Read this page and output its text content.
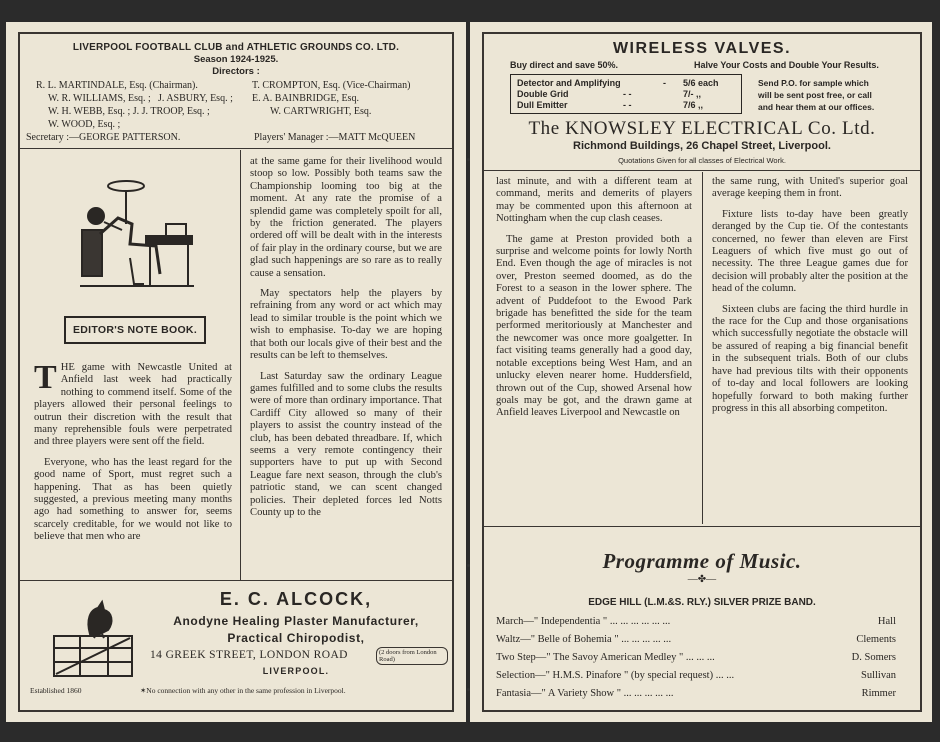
LIVERPOOL FOOTBALL CLUB and ATHLETIC GROUNDS CO. LTD.
Season 1924-1925.
Directors :
R. L. MARTINDALE, Esq. (Chairman).	T. CROMPTON, Esq. (Vice-Chairman)
W. R. WILLIAMS, Esq. ; J. ASBURY, Esq. ; E. A. BAINBRIDGE, Esq.
W. H. WEBB, Esq. ; J. J. TROOP, Esq. ;	W. CARTWRIGHT, Esq.
W. WOOD, Esq. ;
Secretary :—GEORGE PATTERSON.	Players' Manager :—MATT McQUEEN
EDITOR'S NOTE BOOK.

THE game with Newcastle United at Anfield last week had practically nothing to commend itself. Some of the players allowed their personal feelings to outrun their discretion with the result that many reprehensible fouls were perpetrated and three players were sent off the field.

Everyone, who has the least regard for the good name of Sport, must regret such a happening. That as has been quietly suggested, a previous meeting many months ago had something to answer for, seems scarcely creditable, for we would not like to believe that men who are

at the same game for their livelihood would stoop so low. Possibly both teams saw the Championship looming too big at the moment. At any rate the promise of a splendid game was completely spoilt for all, by the friction generated. The players ordered off will be dealt with in the interests of fair play in the ordinary course, but we are glad such happenings are so rare as to really cause a sensation.

May spectators help the players by refraining from any word or act which may lead to similar trouble is the point which we wish to emphasise. To-day we are hoping that both our locals give of their best and the results can be left to themselves.

Last Saturday saw the ordinary League games fulfilled and to some clubs the results were of more than ordinary importance. That Cardiff City allowed so many of their players to assist the country instead of the club, has been debated threadbare. If, which seems a very remote contingency their supporters have to put up with Second League fare next season, through the club's patriotic stand, we can scent changed policies. Their depleted forces led Notts County up to the

E. C. ALCOCK,
Anodyne Healing Plaster Manufacturer,
Practical Chiropodist,
14 GREEK STREET, LONDON ROAD	(2 doors from London Road)
LIVERPOOL.
Established 1860	✶No connection with any other in the same profession in Liverpool.
WIRELESS VALVES.
Buy direct and save 50%.	Halve Your Costs and Double Your Results.
Detector and Amplifying	- 5/6 each
Double Grid	- -	7/- ,,
Dull Emitter	- -	7/6 ,,
Send P.O. for sample which
will be sent post free, or call
and hear them at our offices.
The KNOWSLEY ELECTRICAL Co. Ltd.
Richmond Buildings, 26 Chapel Street, Liverpool.
Quotations Given for all classes of Electrical Work.

last minute, and with a different team at command, merits and demerits of players may be commented upon this afternoon at Nottingham when the cup clash ceases.

The game at Preston provided both a surprise and welcome points for lowly North End. Even though the age of miracles is not over, Preston seemed doomed, as do the Forest to a season in the lower sphere. The advent of Puddefoot to the Ewood Park brigade has benefitted the side for the team performed meritoriously at Manchester and the newcomer was once more goalgetter. In fact visiting teams generally had a good day, notable exceptions being West Ham, and an unlucky eleven nearer home. Huddersfield, thrown out of the Cup, showed Arsenal how goals may be got, and the drawn game at Anfield leaves Liverpool and Newcastle on

the same rung, with United's superior goal average keeping them in front.

Fixture lists to-day have been greatly deranged by the Cup tie. Of the contestants concerned, no fewer than eleven are First Leaguers of which five must go out of necessity. The three League games due for decision will probably alter the position at the head of the column.

Sixteen clubs are facing the third hurdle in the race for the Cup and those organisations which successfully negotiate the obstacle will be assured of reaping a big financial benefit in the subsequent trials. Both of our clubs have had previous tilts with their opponents of to-day and local followers are looking hopefully forward to both making further progress in this all absorbing competiton.

Programme of Music.
—✤—
EDGE HILL (L.M.&S. RLY.) SILVER PRIZE BAND.
March—" Independentia " ... ... ... ... ... ...	Hall
Waltz—" Belle of Bohemia " ... ... ... ... ...	Clements
Two Step—" The Savoy American Medley " ... ... ...	D. Somers
Selection—" H.M.S. Pinafore " (by special request) ... ...	Sullivan
Fantasia—" A Variety Show " ... ... ... ... ...	Rimmer
